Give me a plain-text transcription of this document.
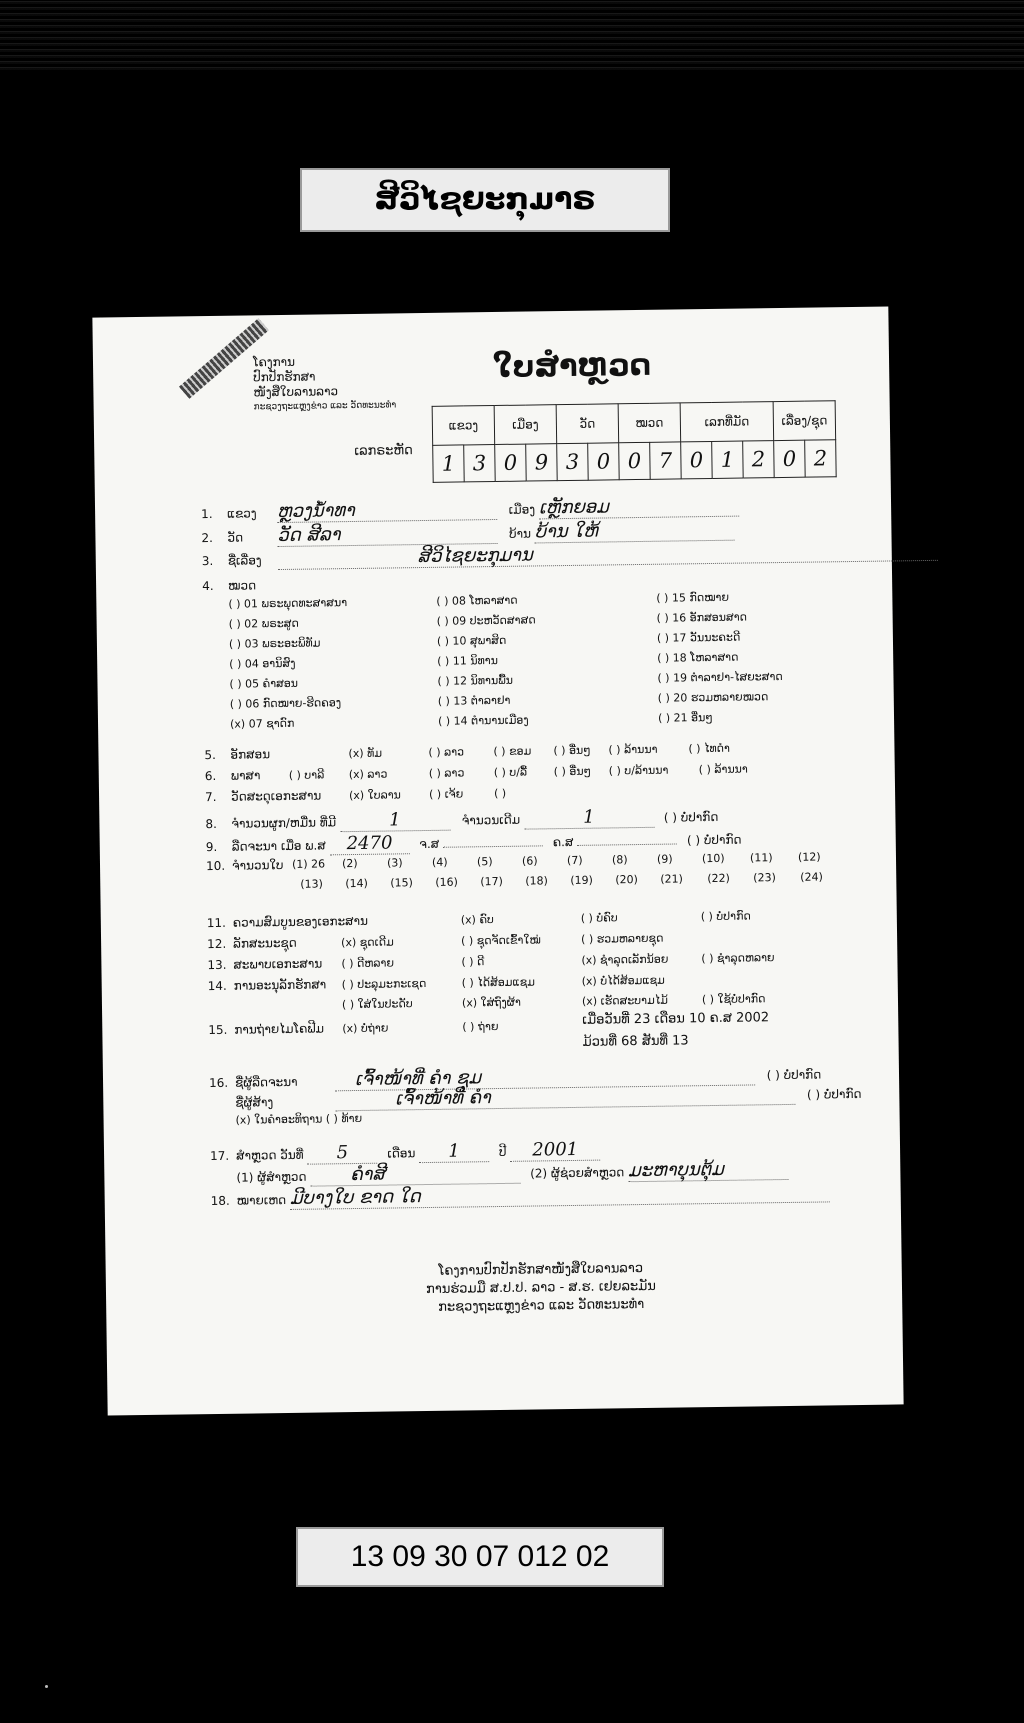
ສີວິໄຊຍະກຸມາຣ
ໂຄງການ
ປົກປັກຮັກສາ
ໜັງສືໃບລານລາວ
ກະຊວງຖະແຫຼງຂ່າວ ແລະ ວັດທະນະທໍາ
ໃບສໍາຫຼວດ
ເລກຣະຫັດ
ແຂວງ	ເມືອງ	ວັດ	ໝວດ	ເລກທີ່ມັດ	ເລື່ອງ/ຊຸດ
1	3	0	9	3	0	0	7	0	1	2	0	2
1. ແຂວງ ຫຼວງນໍ້າທາ	ເມືອງ ເຫຼັກຍອມ
2. ວັດ ວັດ ສີລາ	ບ້ານ ບ້ານ ໃຫ້
3. ຊື່ເລື່ອງ	ສີວິໄຊຍະກຸມານ
4. ໝວດ
( ) 01 ພຣະພຸດທະສາສນາ
( ) 02 ພຣະສູດ
( ) 03 ພຣະອະພິທັມ
( ) 04 ອານິສົງ
( ) 05 ຄໍາສອນ
( ) 06 ກົດໝາຍ-ຮີດຄອງ
(x) 07 ຊາດົກ
( ) 08 ໂຫລາສາດ
( ) 09 ປະຫວັດສາສດ
( ) 10 ສຸພາສິດ
( ) 11 ນິທານ
( ) 12 ນິທານພື້ນ
( ) 13 ຕໍາລາຢາ
( ) 14 ຕໍານານເມືອງ
( ) 15 ກົດໝາຍ
( ) 16 ອັກສອນສາດ
( ) 17 ວັນນະຄະດີ
( ) 18 ໂຫລາສາດ
( ) 19 ຕໍາລາຢາ-ໄສຍະສາດ
( ) 20 ຮວມຫລາຍໝວດ
( ) 21 ອື່ນໆ
5. ອັກສອນ	(x) ທັມ	( ) ລາວ	( ) ຂອມ ( ) ອື່ນໆ ( ) ລ້ານນາ	( ) ໄທດໍາ
6. ພາສາ	( ) ບາລີ (x) ລາວ	( ) ລາວ	( ) ບ/ລື້ ( ) ອື່ນໆ ( ) ບ/ລ້ານນາ	( ) ລ້ານນາ
7. ວັດສະດຸເອກະສານ	(x) ໃບລານ	( ) ເຈ້ຍ	( )
8. ຈໍານວນຜູກ/ຫມື່ນ ທີ່ມີ	1	ຈໍານວນເດີມ	1	( ) ບໍ່ປາກົດ
9. ລືດຈະນາ ເມື່ອ ພ.ສ 2470 ຈ.ສ	ຄ.ສ	( ) ບໍ່ປາກົດ
10. ຈໍານວນໃບ (1) 26 (2)	(3)	(4)	(5)	(6)	(7)	(8)	(9)	(10) (11) (12)
(13) (14) (15) (16) (17) (18) (19) (20) (21) (22) (23) (24)
11. ຄວາມສົມບູນຂອງເອກະສານ	(x) ຄົບ	( ) ບໍ່ຄົບ	( ) ບໍ່ປາກົດ
12. ລັກສະນະຊຸດ	(x) ຊຸດເດີມ	( ) ຊຸດຈັດເຂົ້າໃໝ່	( ) ຮວມຫລາຍຊຸດ
13. ສະພາບເອກະສານ ( ) ດີຫລາຍ	( ) ດີ	(x) ຊໍາລຸດເລັກນ້ອຍ	( ) ຊໍາລຸດຫລາຍ
14. ການອະນຸລັກຮັກສາ ( ) ປະລຸມະກະເຊດ	( ) ໄດ້ສ້ອມແຊມ	(x) ບໍ່ໄດ້ສ້ອມແຊມ
( ) ໃສ່ໃນປະດັບ	(x) ໃສ່ຖົງຜ້າ	(x) ເຮັດສະບາມໄມ້	( ) ໃຊ້ບໍ່ປາກົດ
15. ການຖ່າຍໄມໂຄຟີມ (x) ບໍ່ຖ່າຍ	( ) ຖ່າຍ	ເມື່ອວັນທີ່ 23 ເດືອນ 10 ຄ.ສ 2002
ມ້ວນທີ່ 68 ສັນທີ່ 13
16. ຊື່ຜູ້ລືດຈະນາ	ເຈົ້າໜ້າທີ່ ຄຳ ຊຸມ	( ) ບໍ່ປາກົດ
ຊື່ຜູ້ສ້າງ	ເຈົ້າໜ້າທີ່ ຄຳ	( ) ບໍ່ປາກົດ
(x) ໃນຄໍາອະທິຖານ ( ) ທ້າຍ
17. ສໍາຫຼວດ ວັນທີ່ 5	ເດືອນ 1	ປີ 2001
(1) ຜູ້ສໍາຫຼວດ ຄໍາສີ	(2) ຜູ້ຊ່ວຍສໍາຫຼວດ ມະຫາບຸນຕຸ້ມ
18. ໝາຍເຫດ ມີບາງໃບ ຂາດ ໃດ
ໂຄງການປົກປັກຮັກສາໜັງສືໃບລານລາວ
ການຮ່ວມມື ສ.ປ.ປ. ລາວ - ສ.ຮ. ເຢຍລະມັນ
ກະຊວງຖະແຫຼງຂ່າວ ແລະ ວັດທະນະທໍາ
13 09 30 07 012 02
